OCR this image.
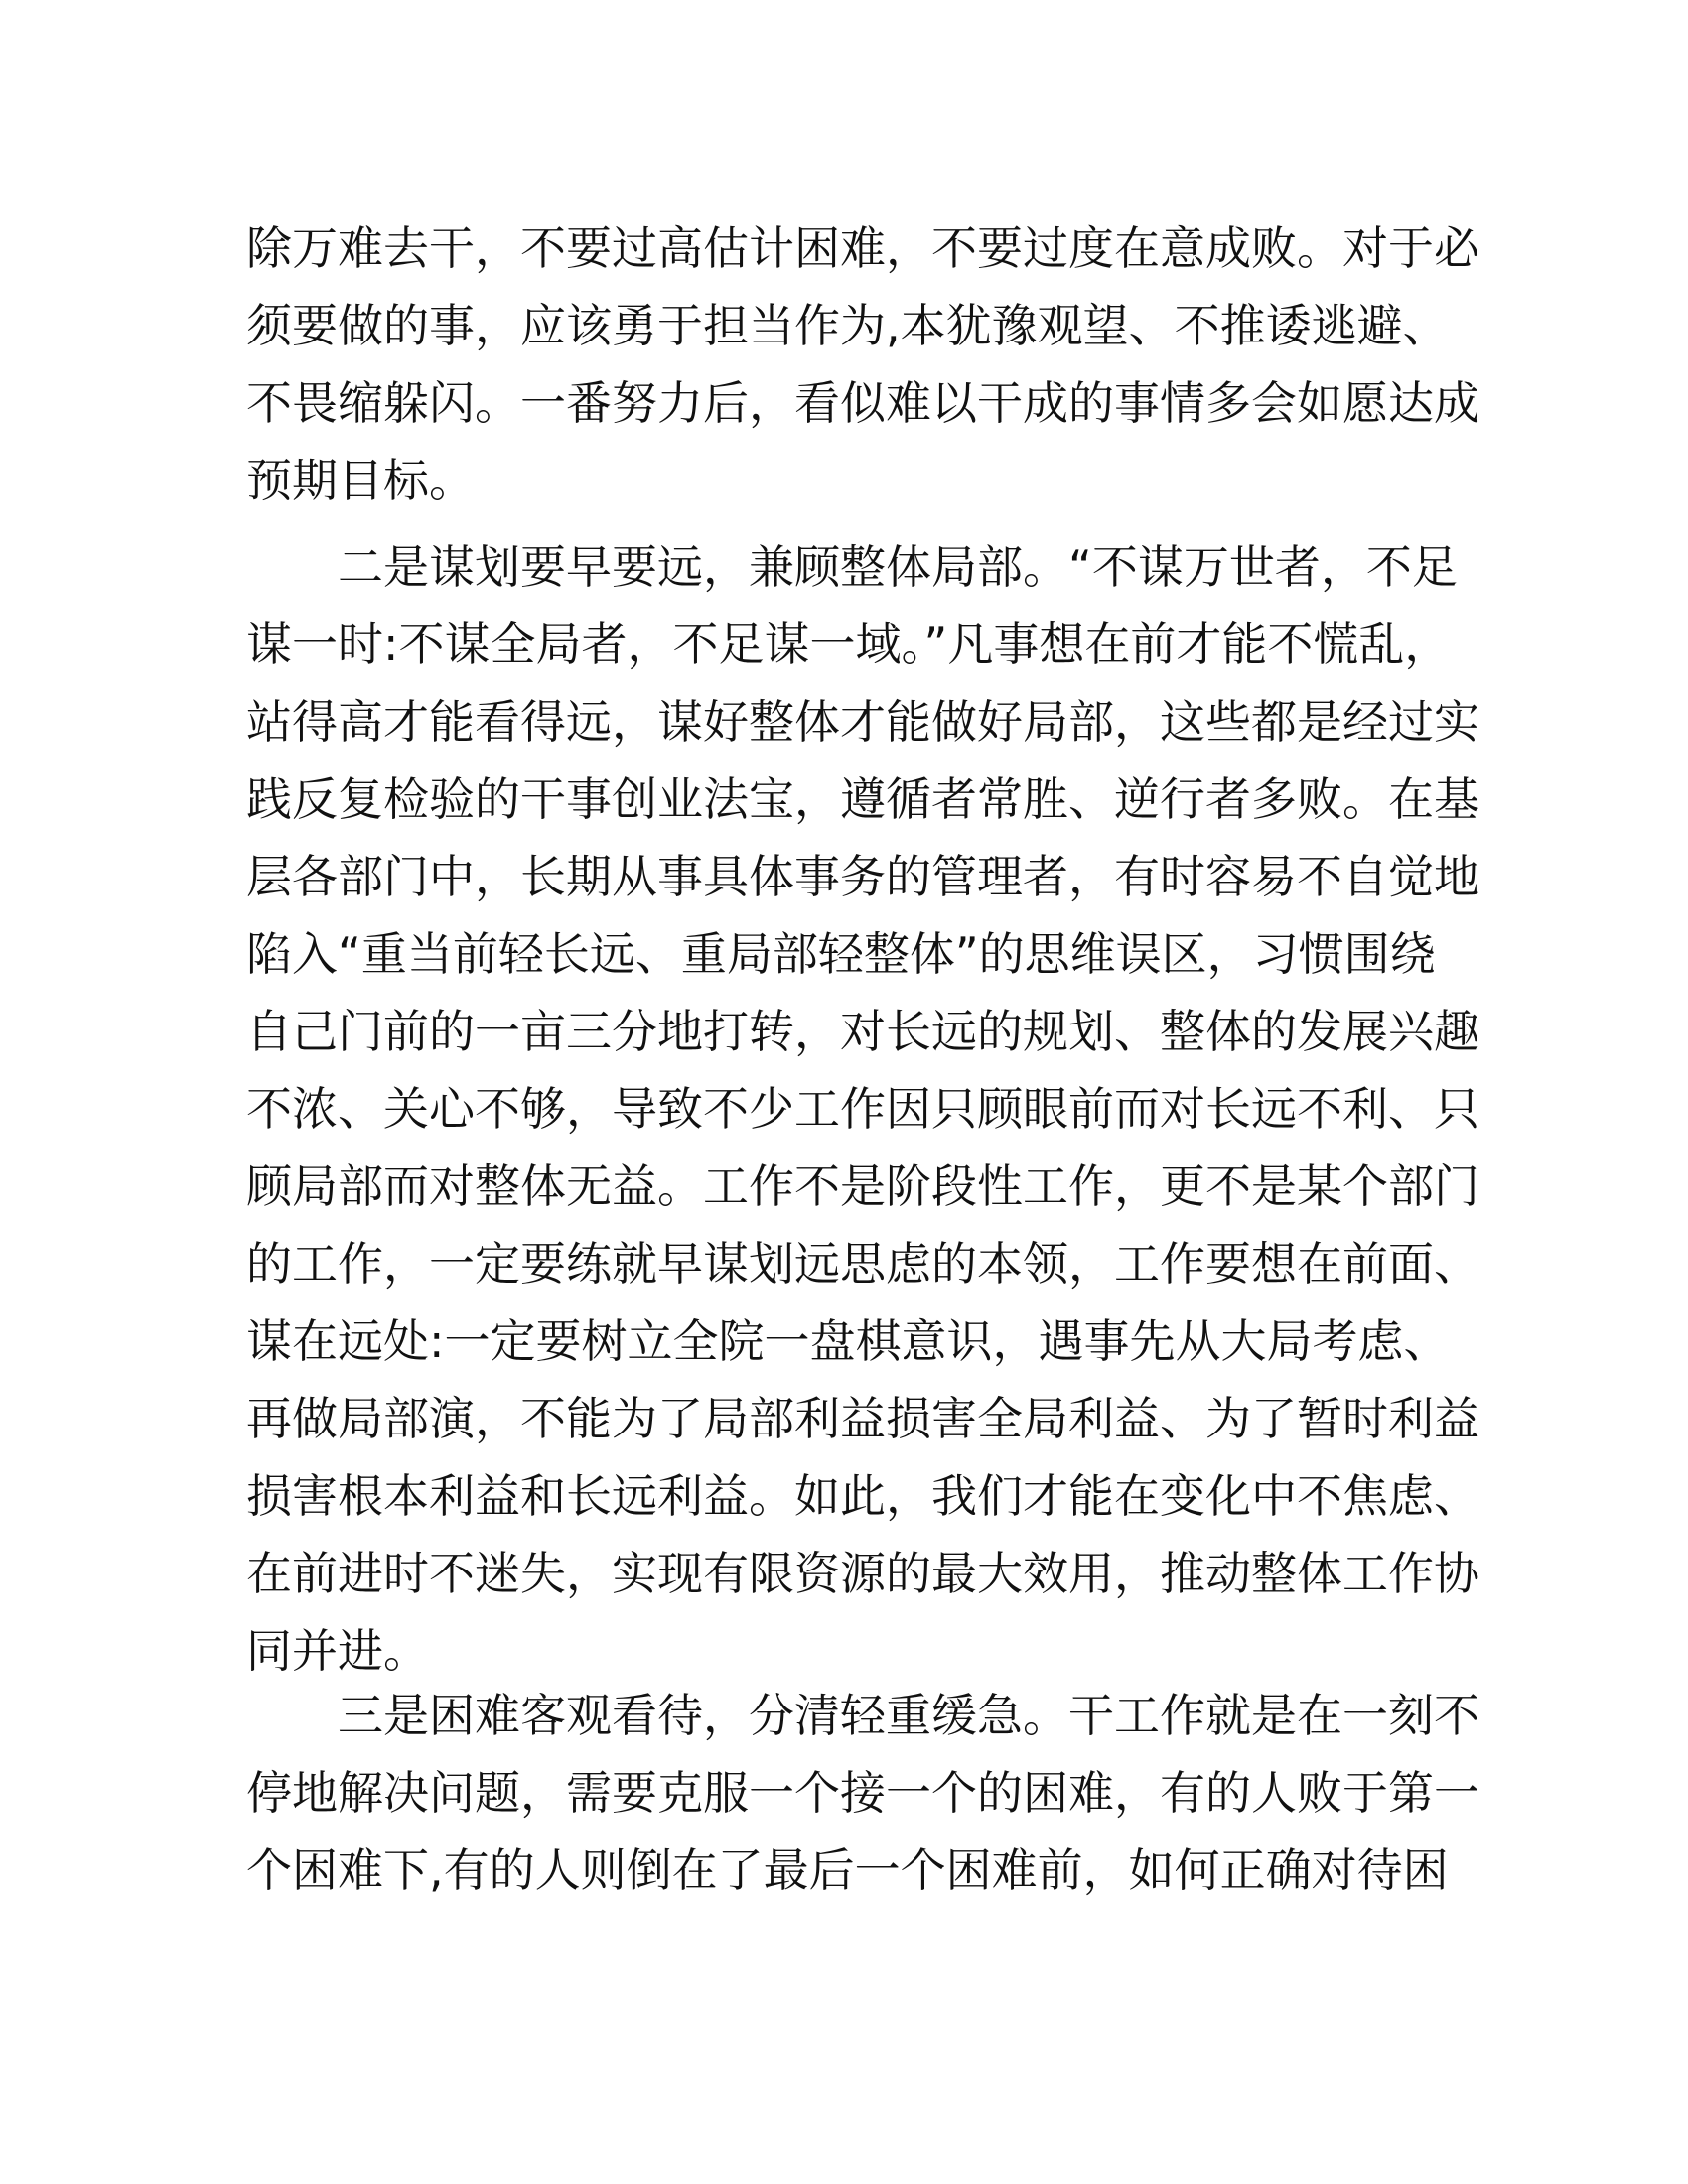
除万难去干，不要过高估计困难，不要过度在意成败。对于必
须要做的事，应该勇于担当作为,本犹豫观望、不推诿逃避、
不畏缩躲闪。一番努力后，看似难以干成的事情多会如愿达成
预期目标。
二是谋划要早要远，兼顾整体局部。“不谋万世者，不足
谋一时:不谋全局者，不足谋一域。”凡事想在前才能不慌乱，
站得高才能看得远，谋好整体才能做好局部，这些都是经过实
践反复检验的干事创业法宝，遵循者常胜、逆行者多败。在基
层各部门中，长期从事具体事务的管理者，有时容易不自觉地
陷入“重当前轻长远、重局部轻整体”的思维误区，习惯围绕
自己门前的一亩三分地打转，对长远的规划、整体的发展兴趣
不浓、关心不够，导致不少工作因只顾眼前而对长远不利、只
顾局部而对整体无益。工作不是阶段性工作，更不是某个部门
的工作，一定要练就早谋划远思虑的本领，工作要想在前面、
谋在远处:一定要树立全院一盘棋意识，遇事先从大局考虑、
再做局部演，不能为了局部利益损害全局利益、为了暂时利益
损害根本利益和长远利益。如此，我们才能在变化中不焦虑、
在前进时不迷失，实现有限资源的最大效用，推动整体工作协
同并进。
三是困难客观看待，分清轻重缓急。干工作就是在一刻不
停地解决问题，需要克服一个接一个的困难，有的人败于第一
个困难下,有的人则倒在了最后一个困难前，如何正确对待困
